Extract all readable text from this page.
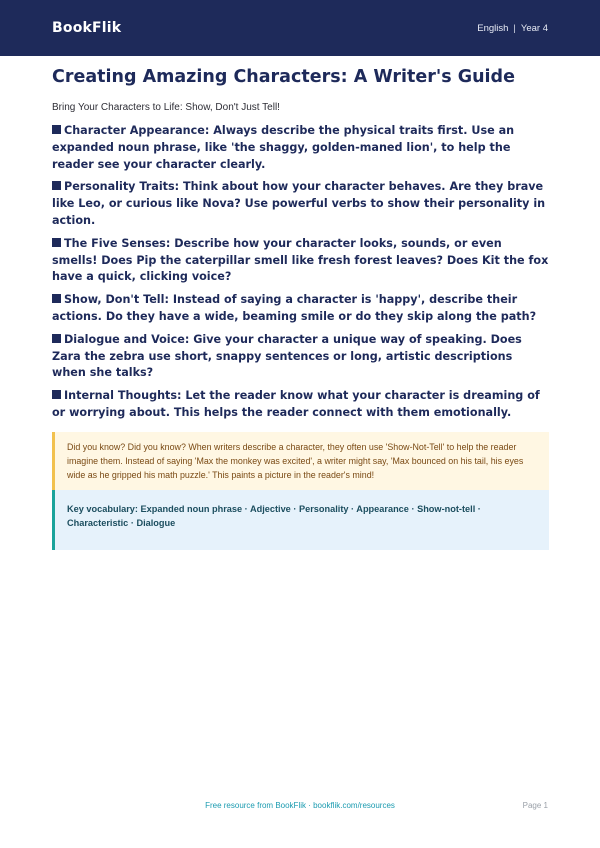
BookFlik	English | Year 4
Creating Amazing Characters: A Writer's Guide

Bring Your Characters to Life: Show, Don't Just Tell!

Character Appearance: Always describe the physical traits first. Use an expanded noun phrase, like 'the shaggy, golden-maned lion', to help the reader see your character clearly.
Personality Traits: Think about how your character behaves. Are they brave like Leo, or curious like Nova? Use powerful verbs to show their personality in action.
The Five Senses: Describe how your character looks, sounds, or even smells! Does Pip the caterpillar smell like fresh forest leaves? Does Kit the fox have a quick, clicking voice?
Show, Don't Tell: Instead of saying a character is 'happy', describe their actions. Do they have a wide, beaming smile or do they skip along the path?
Dialogue and Voice: Give your character a unique way of speaking. Does Zara the zebra use short, snappy sentences or long, artistic descriptions when she talks?
Internal Thoughts: Let the reader know what your character is dreaming of or worrying about. This helps the reader connect with them emotionally.
Did you know? Did you know? When writers describe a character, they often use 'Show-Not-Tell' to help the reader imagine them. Instead of saying 'Max the monkey was excited', a writer might say, 'Max bounced on his tail, his eyes wide as he gripped his math puzzle.' This paints a picture in the reader's mind!
Key vocabulary: Expanded noun phrase · Adjective · Personality · Appearance · Show-not-tell · Characteristic · Dialogue
Free resource from BookFlik · bookflik.com/resources	Page 1
